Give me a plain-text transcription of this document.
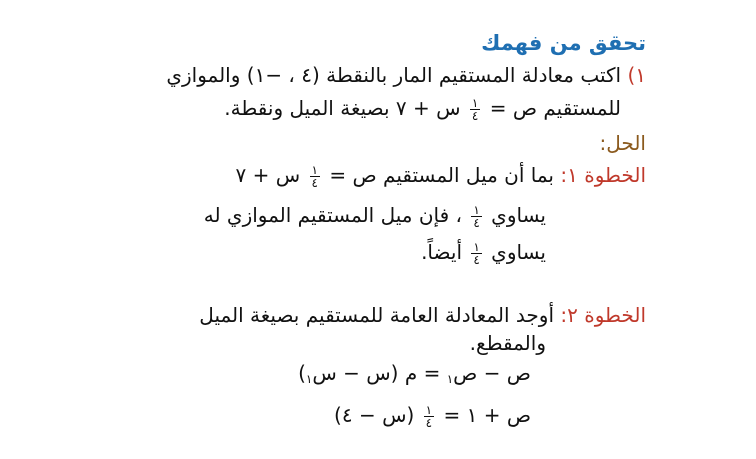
تحقق من فهمك
١) اكتب معادلة المستقيم المار بالنقطة (٤ ، −١) والموازي
للمستقيم ص =
$\frac{١}{٤}$
س + ٧ بصيغة الميل ونقطة.
الحل:
الخطوة ١: بما أن ميل المستقيم ص =
$\frac{١}{٤}$
س + ٧
يساوي
$\frac{١}{٤}$
، فإن ميل المستقيم الموازي له
يساوي
$\frac{١}{٤}$
أيضاً.
الخطوة ٢: أوجد المعادلة العامة للمستقيم بصيغة الميل
والمقطع.
ص − ص$_١$ = م (س − س$_١$)
ص + ١ =
$\frac{١}{٤}$
(س − ٤)
